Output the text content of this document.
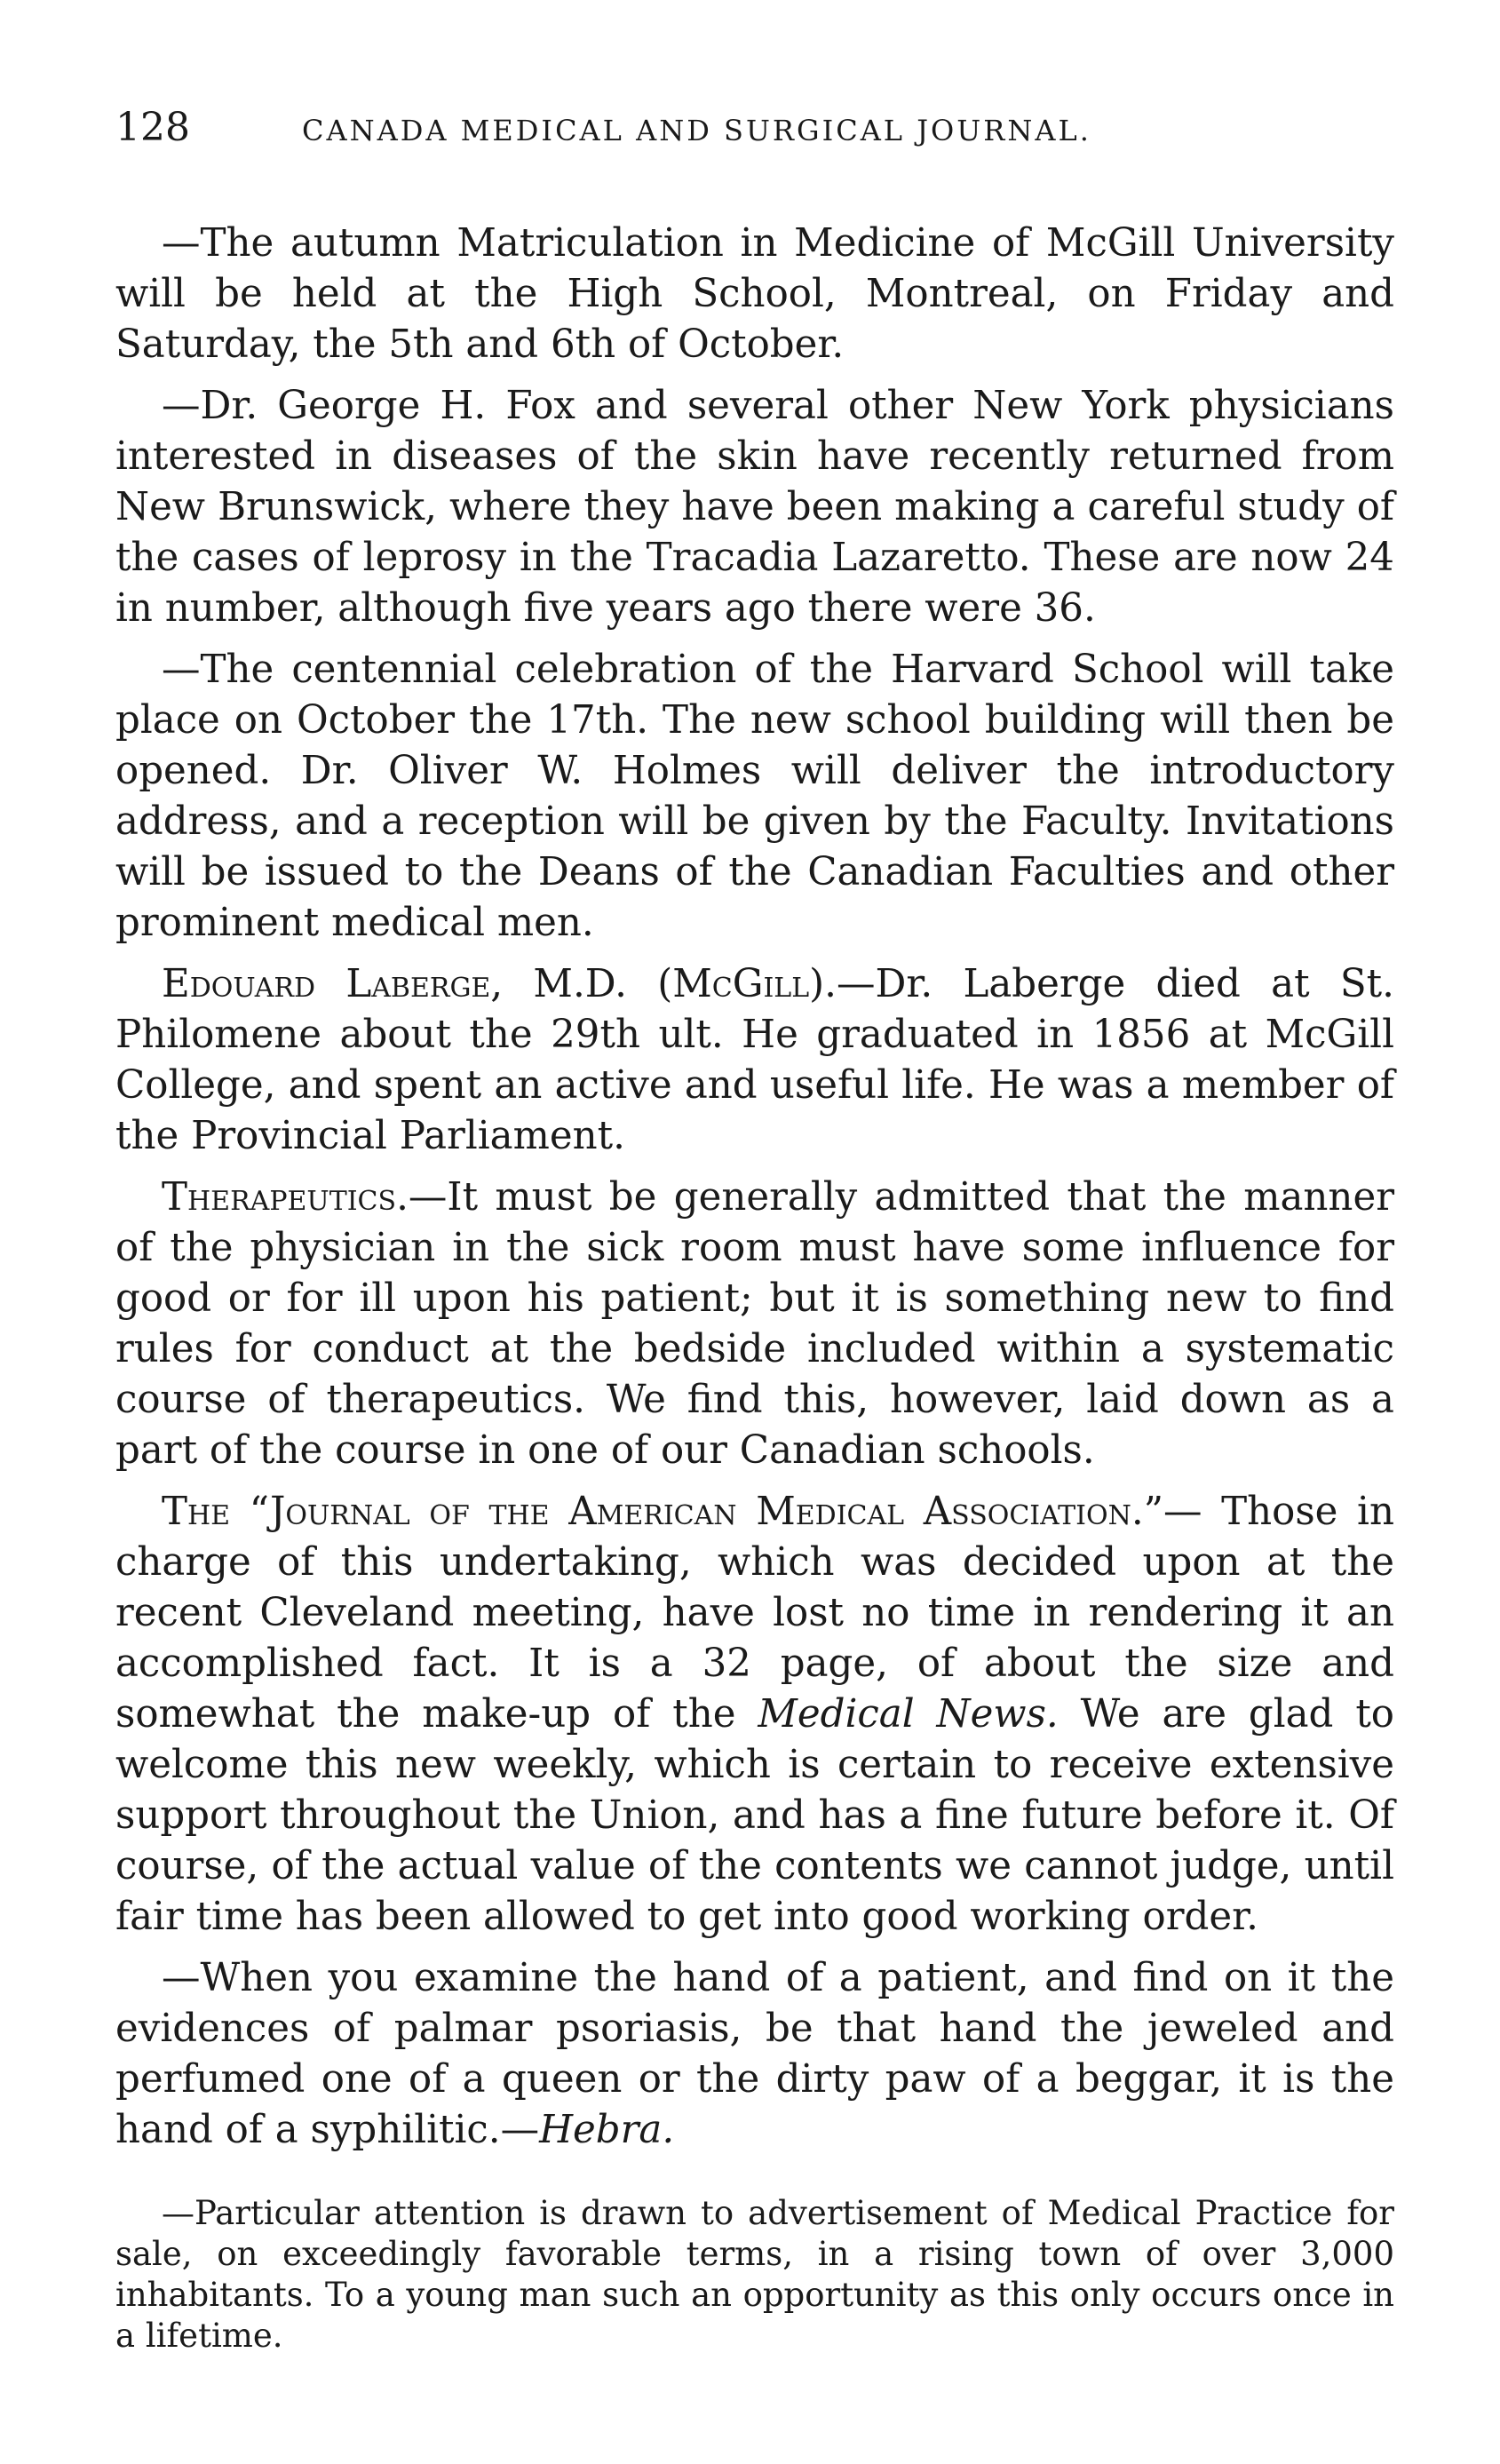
128	CANADA MEDICAL AND SURGICAL JOURNAL.

—The autumn Matriculation in Medicine of McGill University will be held at the High School, Montreal, on Friday and Saturday, the 5th and 6th of October.

—Dr. George H. Fox and several other New York physicians interested in diseases of the skin have recently returned from New Brunswick, where they have been making a careful study of the cases of leprosy in the Tracadia Lazaretto. These are now 24 in number, although five years ago there were 36.

—The centennial celebration of the Harvard School will take place on October the 17th. The new school building will then be opened. Dr. Oliver W. Holmes will deliver the introductory address, and a reception will be given by the Faculty. Invitations will be issued to the Deans of the Canadian Faculties and other prominent medical men.

Edouard Laberge, M.D. (McGill).—Dr. Laberge died at St. Philomene about the 29th ult. He graduated in 1856 at McGill College, and spent an active and useful life. He was a member of the Provincial Parliament.

Therapeutics.—It must be generally admitted that the manner of the physician in the sick room must have some influence for good or for ill upon his patient; but it is something new to find rules for conduct at the bedside included within a systematic course of therapeutics. We find this, however, laid down as a part of the course in one of our Canadian schools.

The “Journal of the American Medical Association.”— Those in charge of this undertaking, which was decided upon at the recent Cleveland meeting, have lost no time in rendering it an accomplished fact. It is a 32 page, of about the size and somewhat the make-up of the Medical News. We are glad to welcome this new weekly, which is certain to receive extensive support throughout the Union, and has a fine future before it. Of course, of the actual value of the contents we cannot judge, until fair time has been allowed to get into good working order.

—When you examine the hand of a patient, and find on it the evidences of palmar psoriasis, be that hand the jeweled and perfumed one of a queen or the dirty paw of a beggar, it is the hand of a syphilitic.—Hebra.

—Particular attention is drawn to advertisement of Medical Practice for sale, on exceedingly favorable terms, in a rising town of over 3,000 inhabitants. To a young man such an opportunity as this only occurs once in a lifetime.
